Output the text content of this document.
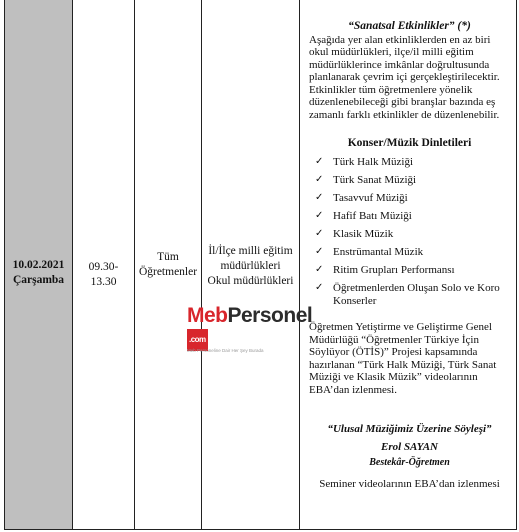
10.02.2021
Çarşamba
09.30-
13.30
Tüm
Öğretmenler
İl/İlçe milli eğitim
müdürlükleri
Okul müdürlükleri
“Sanatsal Etkinlikler” (*)

Aşağıda yer alan etkinliklerden en az biri okul müdürlükleri, ilçe/il milli eğitim müdürlüklerince imkânlar doğrultusunda planlanarak çevrim içi gerçekleştirilecektir.

Etkinlikler tüm öğretmenlere yönelik düzenlenebileceği gibi branşlar bazında eş zamanlı farklı etkinlikler de düzenlenebilir.

Konser/Müzik Dinletileri
✓ Türk Halk Müziği
✓ Türk Sanat Müziği
✓ Tasavvuf Müziği
✓ Hafif Batı Müziği
✓ Klasik Müzik
✓ Enstrümantal Müzik
✓ Ritim Grupları Performansı
✓ Öğretmenlerden Oluşan Solo ve Koro Konserler

Öğretmen Yetiştirme ve Geliştirme Genel Müdürlüğü “Öğretmenler Türkiye İçin Söylüyor (ÖTİS)” Projesi kapsamında hazırlanan “Türk Halk Müziği, Türk Sanat Müziği ve Klasik Müzik” videolarının EBA’dan izlenmesi.

“Ulusal Müziğimiz Üzerine Söyleşi”
Erol SAYAN
Bestekâr-Öğretmen
Seminer videolarının EBA’dan izlenmesi
MebPersonel.com
Meb Personeline Dair Her Şey Burada
